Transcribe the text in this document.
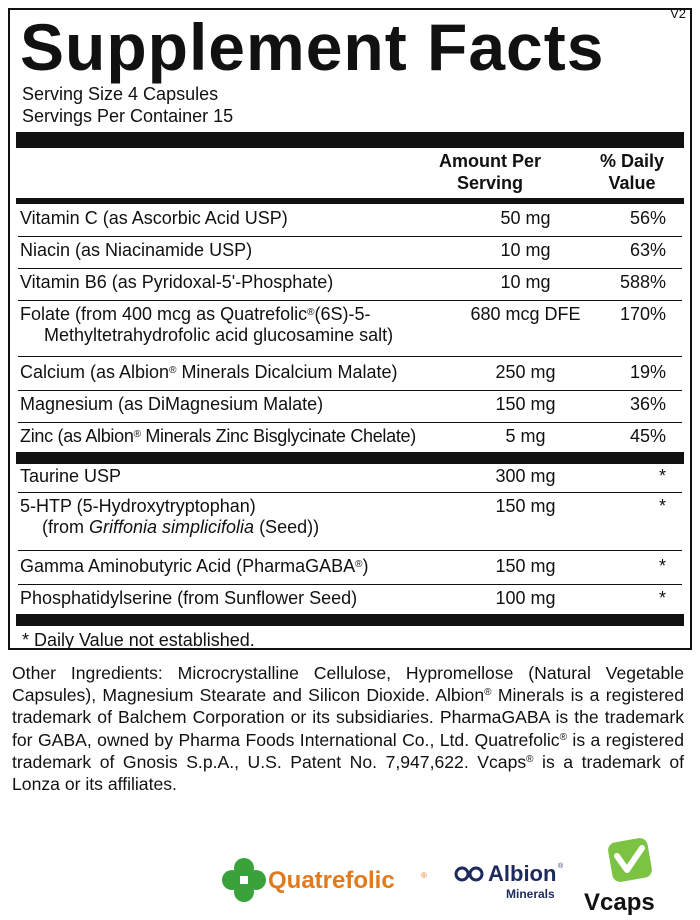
V2
Supplement Facts
Serving Size 4 Capsules
Servings Per Container 15
Amount Per
Serving
% Daily
Value
Vitamin C (as Ascorbic Acid USP)	50 mg	56%
Niacin (as Niacinamide USP)	10 mg	63%
Vitamin B6 (as Pyridoxal-5'-Phosphate)	10 mg	588%
Folate (from 400 mcg as Quatrefolic®(6S)-5-
Methyltetrahydrofolic acid glucosamine salt)
680 mcg DFE	170%
Calcium (as Albion® Minerals Dicalcium Malate)	250 mg	19%
Magnesium (as DiMagnesium Malate)	150 mg	36%
Zinc (as Albion® Minerals Zinc Bisglycinate Chelate)	5 mg	45%
Taurine USP	300 mg	*
5-HTP (5-Hydroxytryptophan)
(from Griffonia simplicifolia (Seed))
150 mg	*
Gamma Aminobutyric Acid (PharmaGABA®)	150 mg	*
Phosphatidylserine (from Sunflower Seed)	100 mg	*
* Daily Value not established.
Other Ingredients: Microcrystalline Cellulose, Hypromellose (Natural Vegetable Capsules), Magnesium Stearate and Silicon Dioxide. Albion® Minerals is a registered trademark of Balchem Corporation or its subsidiaries. PharmaGABA is the trademark for GABA, owned by Pharma Foods International Co., Ltd. Quatrefolic® is a registered trademark of Gnosis S.p.A., U.S. Patent No. 7,947,622. Vcaps® is a trademark of Lonza or its affiliates.
Quatrefolic	®	Albion ®
Minerals Vcaps
